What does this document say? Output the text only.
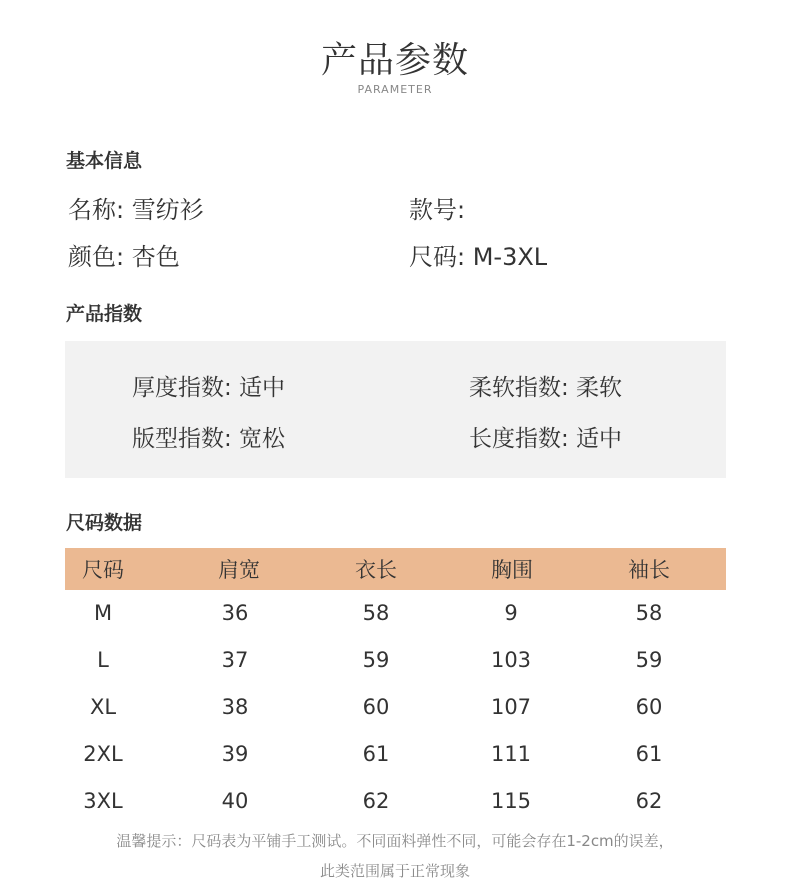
产品参数
PARAMETER
基本信息
名称: 雪纺衫	款号:
颜色: 杏色	尺码: M-3XL
产品指数
厚度指数: 适中	柔软指数: 柔软
版型指数: 宽松	长度指数: 适中
尺码数据
尺码	肩宽	衣长	胸围	袖长
M	36	58	9	58
L	37	59	103	59
XL	38	60	107	60
2XL	39	61	111	61
3XL	40	62	115	62
温馨提示：尺码表为平铺手工测试。不同面料弹性不同，可能会存在1-2cm的误差，
此类范围属于正常现象
